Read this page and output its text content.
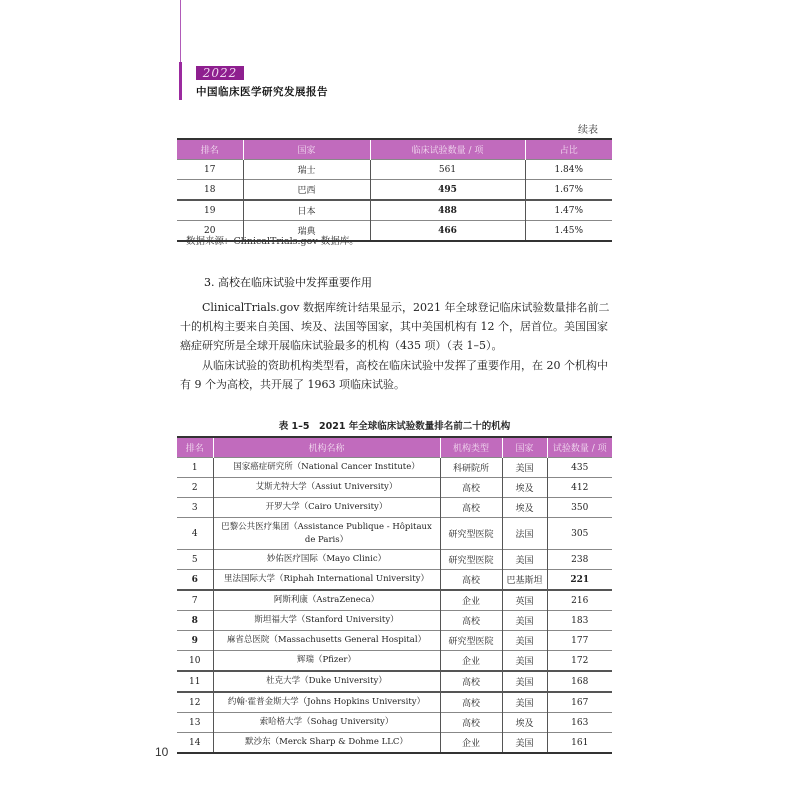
2022
中国临床医学研究发展报告
续表
排名	国家	临床试验数量 / 项	占比
17	瑞士	561	1.84%
18	巴西	495	1.67%
19	日本	488	1.47%
20	瑞典	466	1.45%
数据来源：ClinicalTrials.gov 数据库。
3. 高校在临床试验中发挥重要作用
ClinicalTrials.gov 数据库统计结果显示，2021 年全球登记临床试验数量排名前二十的机构主要来自美国、埃及、法国等国家，其中美国机构有 12 个，居首位。美国国家癌症研究所是全球开展临床试验最多的机构（435 项）（表 1–5）。
从临床试验的资助机构类型看，高校在临床试验中发挥了重要作用，在 20 个机构中有 9 个为高校，共开展了 1963 项临床试验。
表 1–5　2021 年全球临床试验数量排名前二十的机构
排名	机构名称	机构类型	国家	试验数量 / 项
1	国家癌症研究所（National Cancer Institute）	科研院所	美国	435
2	艾斯尤特大学（Assiut University）	高校	埃及	412
3	开罗大学（Cairo University）	高校	埃及	350
4	巴黎公共医疗集团（Assistance Publique - Hôpitaux de Paris）	研究型医院	法国	305
5	妙佑医疗国际（Mayo Clinic）	研究型医院	美国	238
6	里法国际大学（Riphah International University）	高校	巴基斯坦	221
7	阿斯利康（AstraZeneca）	企业	英国	216
8	斯坦福大学（Stanford University）	高校	美国	183
9	麻省总医院（Massachusetts General Hospital）	研究型医院	美国	177
10	辉瑞（Pfizer）	企业	美国	172
11	杜克大学（Duke University）	高校	美国	168
12	约翰·霍普金斯大学（Johns Hopkins University）	高校	美国	167
13	索哈格大学（Sohag University）	高校	埃及	163
14	默沙东（Merck Sharp & Dohme LLC）	企业	美国	161
10
